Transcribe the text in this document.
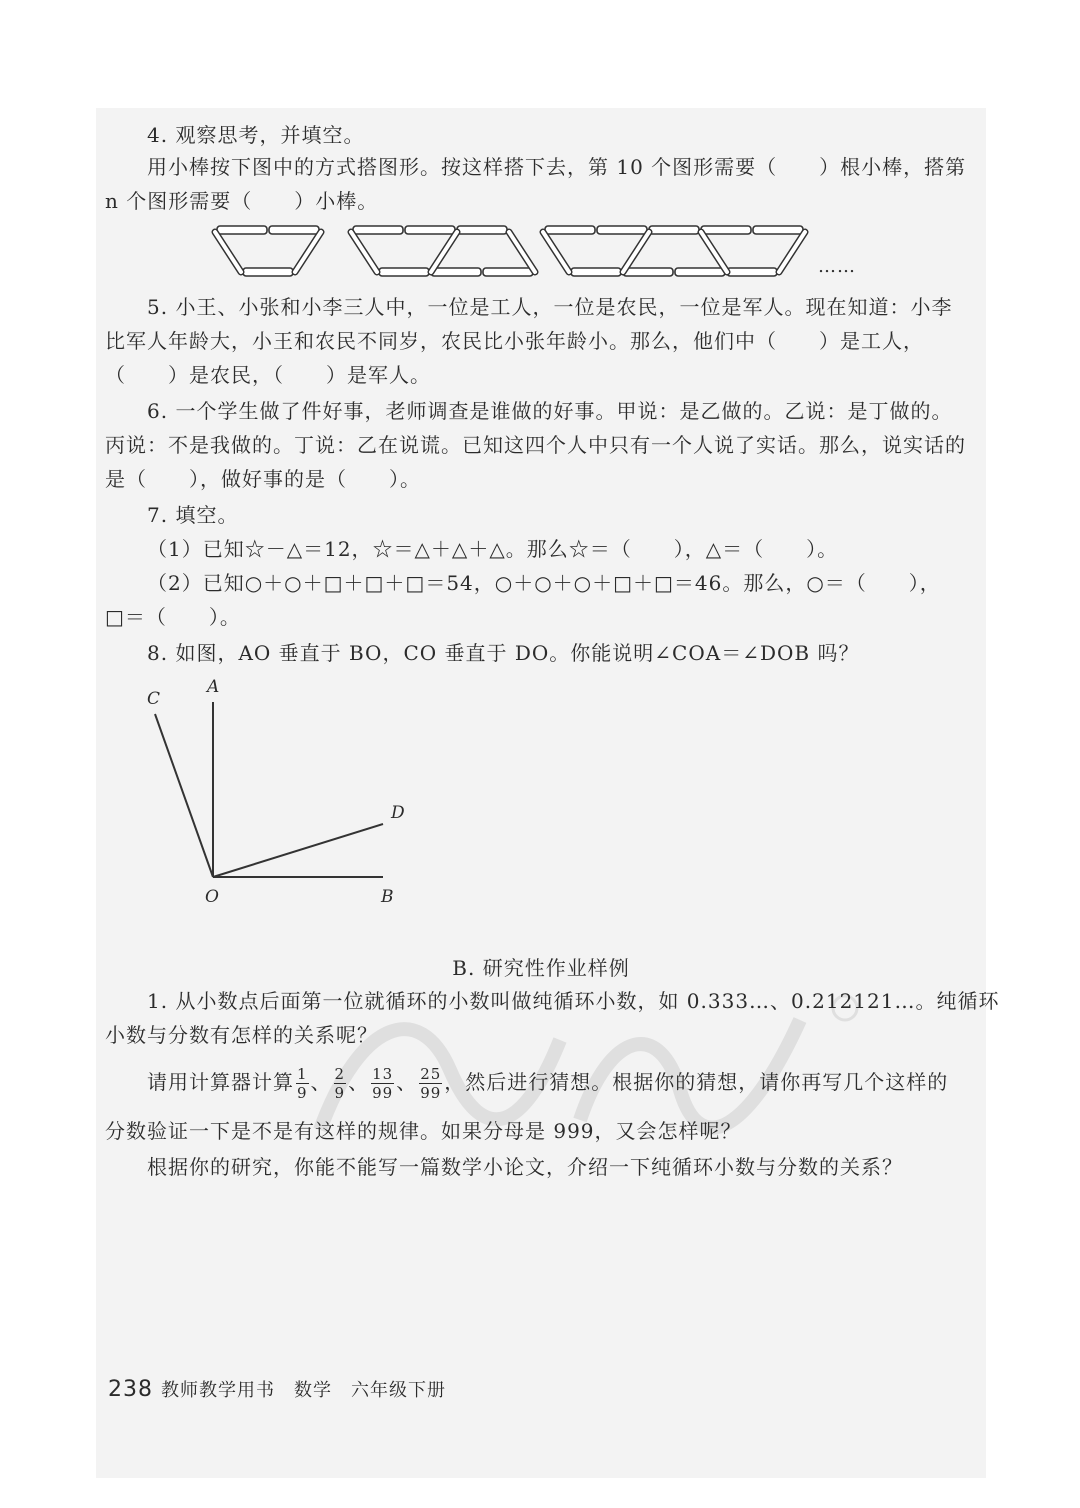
4. 观察思考，并填空。
用小棒按下图中的方式搭图形。按这样搭下去，第 10 个图形需要（　　）根小棒，搭第
n 个图形需要（　　）小棒。
……
5. 小王、小张和小李三人中，一位是工人，一位是农民，一位是军人。现在知道：小李
比军人年龄大，小王和农民不同岁，农民比小张年龄小。那么，他们中（　　）是工人，
（　　）是农民，（　　）是军人。
6. 一个学生做了件好事，老师调查是谁做的好事。甲说：是乙做的。乙说：是丁做的。
丙说：不是我做的。丁说：乙在说谎。已知这四个人中只有一个人说了实话。那么，说实话的
是（　　），做好事的是（　　）。
7. 填空。
（1）已知☆－△＝12，☆＝△＋△＋△。那么☆＝（　　），△＝（　　）。
（2）已知○＋○＋□＋□＋□＝54，○＋○＋○＋□＋□＝46。那么，○＝（　　），
□＝（　　）。
8. 如图，AO 垂直于 BO，CO 垂直于 DO。你能说明∠COA＝∠DOB 吗？
A
C
D
O	B
B. 研究性作业样例
1. 从小数点后面第一位就循环的小数叫做纯循环小数，如 0.333…、0.212121…。纯循环
小数与分数有怎样的关系呢？
请用计算器计算 $\frac{1}{9}$ 、 $\frac{2}{9}$ 、 $\frac{13}{99}$ 、 $\frac{25}{99}$ ，然后进行猜想。根据你的猜想，请你再写几个这样的
分数验证一下是不是有这样的规律。如果分母是 999，又会怎样呢？
根据你的研究，你能不能写一篇数学小论文，介绍一下纯循环小数与分数的关系？
238 教师教学用书　数学　六年级下册
